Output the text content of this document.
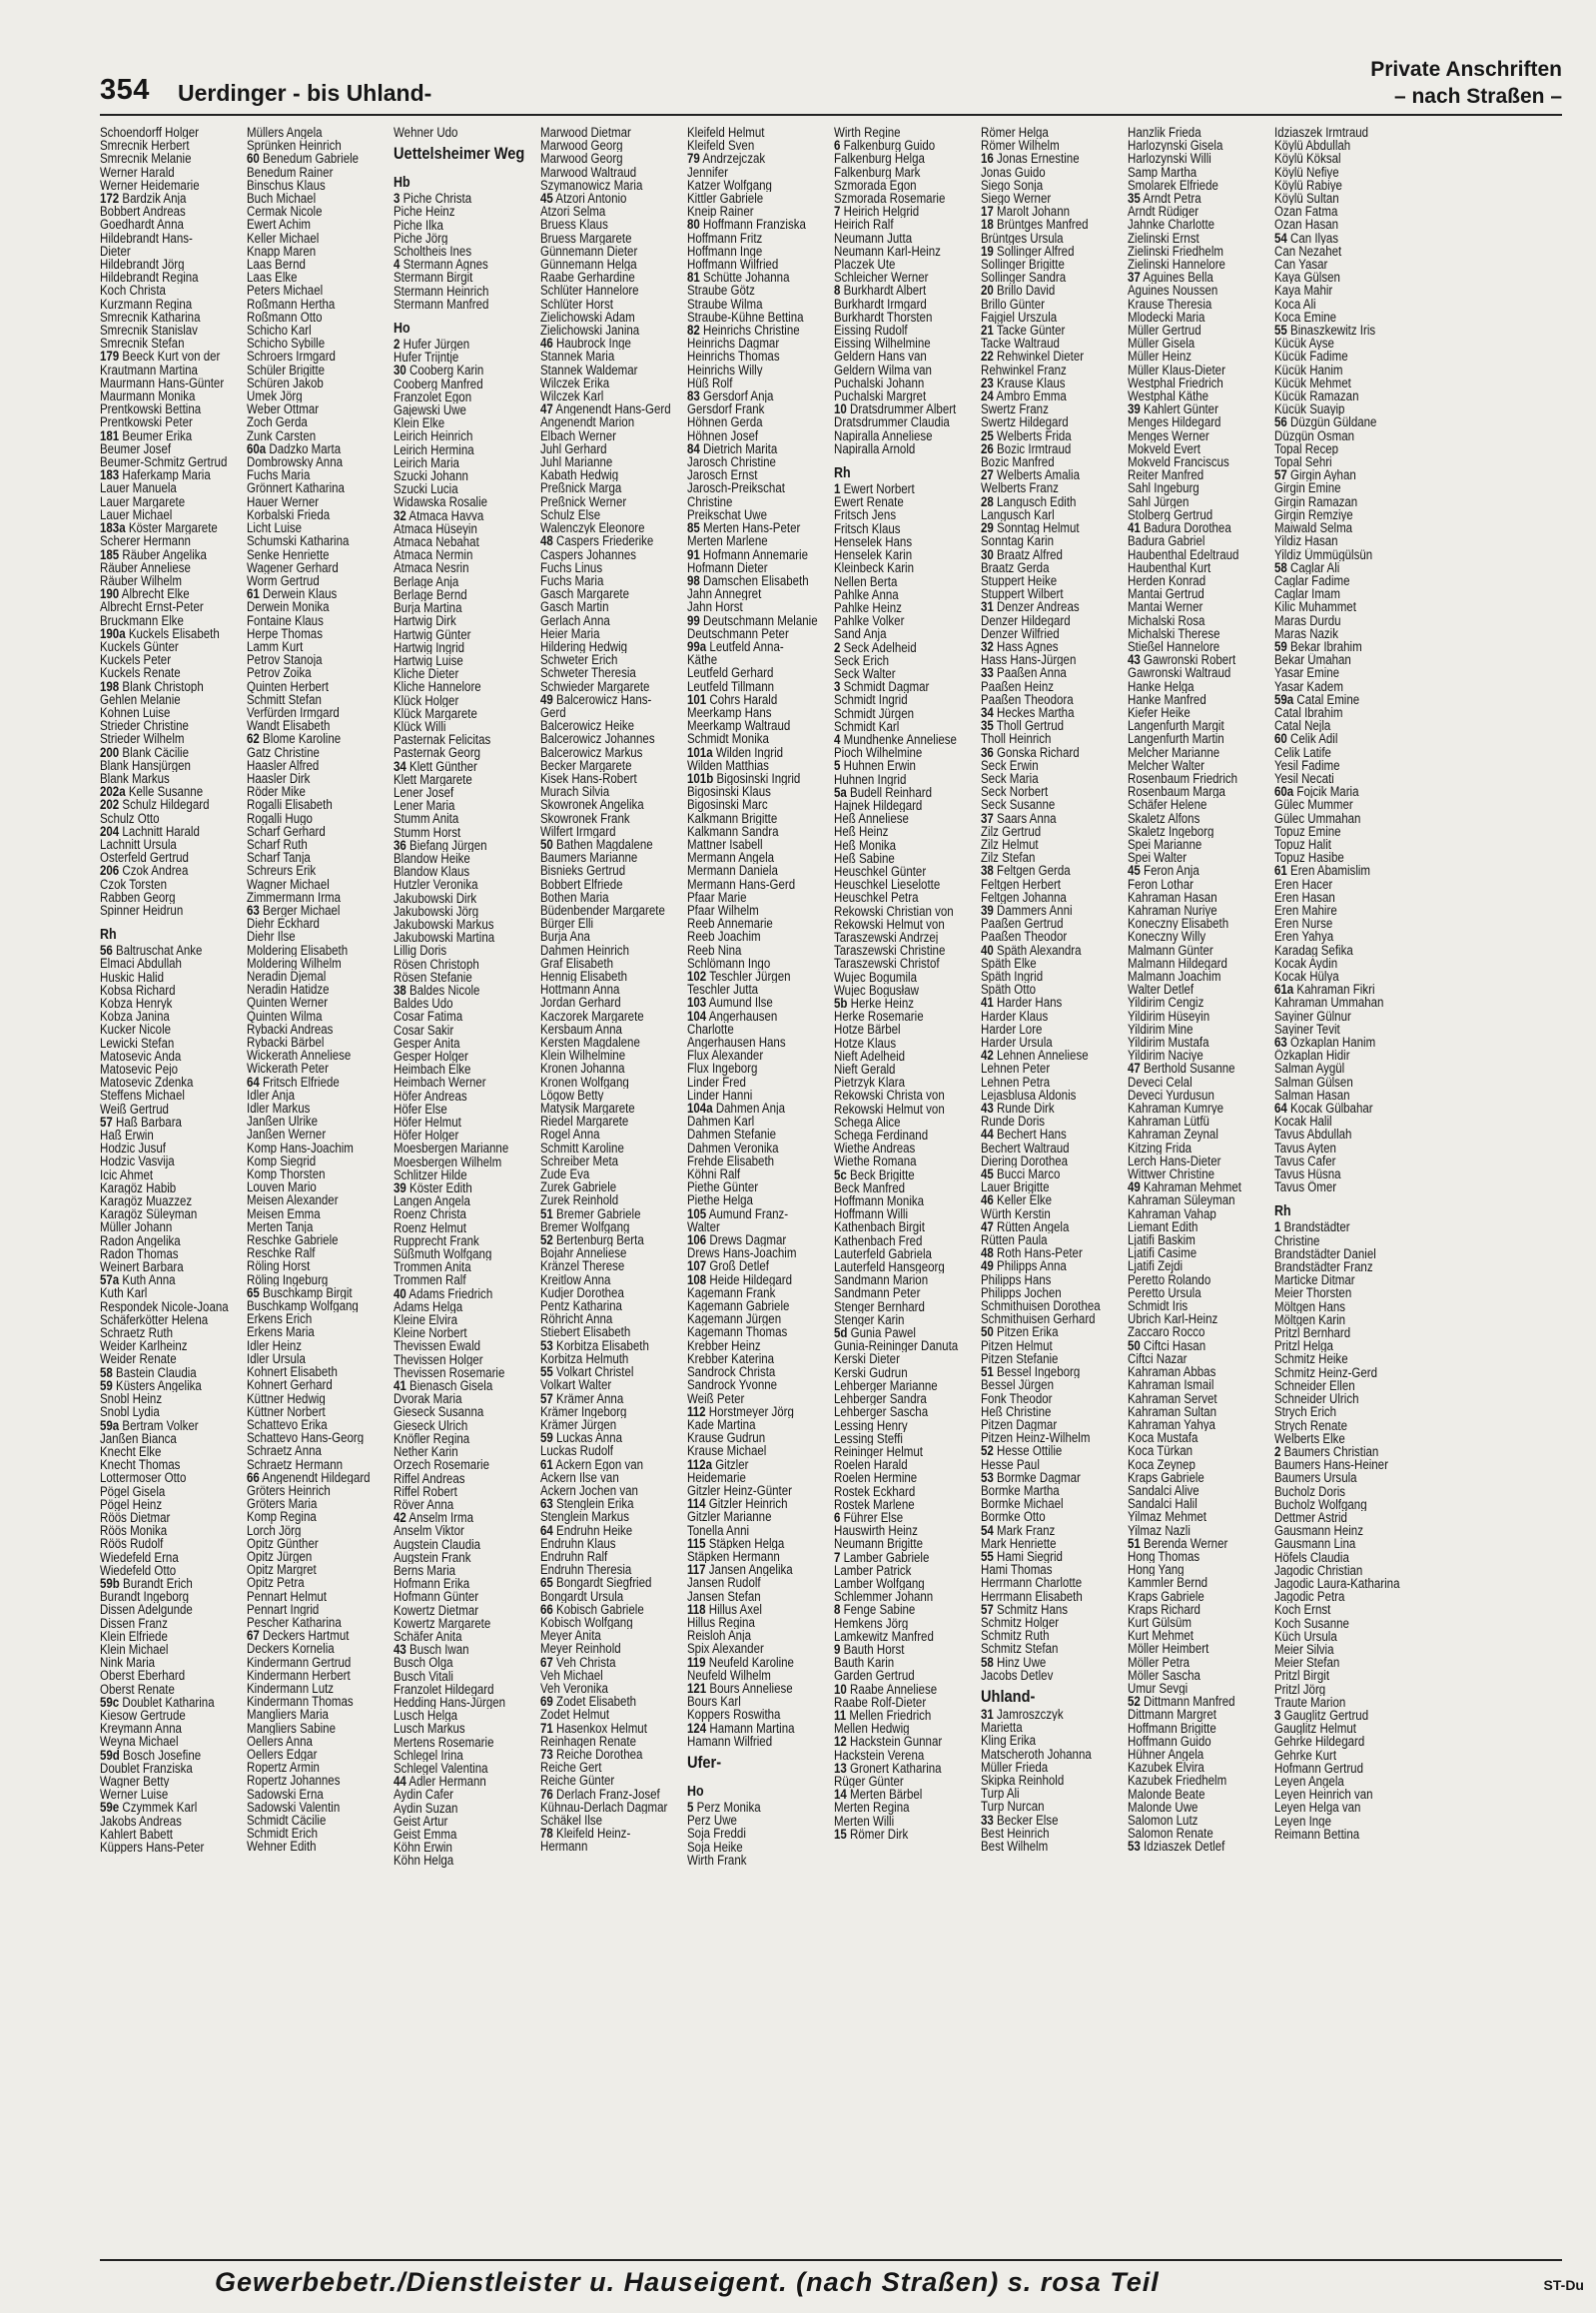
354 Uerdinger - bis Uhland-
Private Anschriften
– nach Straßen –
Schoendorff Holger
Smrecnik Herbert
Smrecnik Melanie
Werner Harald
Werner Heidemarie
172 Bardzik Anja
Bobbert Andreas
Goedhardt Anna
Hildebrandt Hans-
Dieter
Hildebrandt Jörg
Hildebrandt Regina
Koch Christa
Kurzmann Regina
Smrecnik Katharina
Smrecnik Stanislav
Smrecnik Stefan
179 Beeck Kurt von der
Krautmann Martina
Maurmann Hans-Günter
Maurmann Monika
Prentkowski Bettina
Prentkowski Peter
181 Beumer Erika
Beumer Josef
Beumer-Schmitz Gertrud
183 Haferkamp Maria
Lauer Manuela
Lauer Margarete
Lauer Michael
183a Köster Margarete
Scherer Hermann
185 Räuber Angelika
Räuber Anneliese
Räuber Wilhelm
190 Albrecht Elke
Albrecht Ernst-Peter
Bruckmann Elke
190a Kuckels Elisabeth
Kuckels Günter
Kuckels Peter
Kuckels Renate
198 Blank Christoph
Gehlen Melanie
Kohnen Luise
Strieder Christine
Strieder Wilhelm
200 Blank Cäcilie
Blank Hansjürgen
Blank Markus
202a Kelle Susanne
202 Schulz Hildegard
Schulz Otto
204 Lachnitt Harald
Lachnitt Ursula
Osterfeld Gertrud
206 Czok Andrea
Czok Torsten
Rabben Georg
Spinner Heidrun
Rh
56 Baltruschat Anke
Elmaci Abdullah
Huskic Halid
Kobsa Richard
Kobza Henryk
Kobza Janina
Kucker Nicole
Lewicki Stefan
Matosevic Anda
Matosevic Pejo
Matosevic Zdenka
Steffens Michael
Weiß Gertrud
57 Haß Barbara
Haß Erwin
Hodzic Jusuf
Hodzic Vasvija
Icic Ahmet
Karagöz Habib
Karagöz Muazzez
Karagöz Süleyman
Müller Johann
Radon Angelika
Radon Thomas
Weinert Barbara
57a Kuth Anna
Kuth Karl
Respondek Nicole-Joana
Schäferkötter Helena
Schraetz Ruth
Weider Karlheinz
Weider Renate
58 Bastein Claudia
59 Küsters Angelika
Snobl Heinz
Snobl Lydia
59a Bertram Volker
Janßen Bianca
Knecht Elke
Knecht Thomas
Lottermoser Otto
Pögel Gisela
Pögel Heinz
Röös Dietmar
Röös Monika
Röös Rudolf
Wiedefeld Erna
Wiedefeld Otto
59b Burandt Erich
Burandt Ingeborg
Dissen Adelgunde
Dissen Franz
Klein Elfriede
Klein Michael
Nink Maria
Oberst Eberhard
Oberst Renate
59c Doublet Katharina
Kiesow Gertrude
Kreymann Anna
Weyna Michael
59d Bosch Josefine
Doublet Franziska
Wagner Betty
Werner Luise
59e Czymmek Karl
Jakobs Andreas
Kahlert Babett
Küppers Hans-Peter
Müllers Angela
Sprünken Heinrich
60 Benedum Gabriele
Benedum Rainer
Binschus Klaus
Buch Michael
Cermak Nicole
Ewert Achim
Keller Michael
Knapp Maren
Laas Bernd
Laas Elke
Peters Michael
Roßmann Hertha
Roßmann Otto
Schicho Karl
Schicho Sybille
Schroers Irmgard
Schüler Brigitte
Schüren Jakob
Umek Jörg
Weber Ottmar
Zoch Gerda
Zunk Carsten
60a Dadzko Marta
Dombrowsky Anna
Fuchs Maria
Grönnert Katharina
Hauer Werner
Korbalski Frieda
Licht Luise
Schumski Katharina
Senke Henriette
Wagener Gerhard
Worm Gertrud
61 Derwein Klaus
Derwein Monika
Fontaine Klaus
Herpe Thomas
Lamm Kurt
Petrov Stanoja
Petrov Zoika
Quinten Herbert
Schmitt Stefan
Verfürden Irmgard
Wandt Elisabeth
62 Blome Karoline
Gatz Christine
Haasler Alfred
Haasler Dirk
Röder Mike
Rogalli Elisabeth
Rogalli Hugo
Scharf Gerhard
Scharf Ruth
Scharf Tanja
Schreurs Erik
Wagner Michael
Zimmermann Irma
63 Berger Michael
Diehr Eckhard
Diehr Ilse
Moldering Elisabeth
Moldering Wilhelm
Neradin Djemal
Neradin Hatidze
Quinten Werner
Quinten Wilma
Rybacki Andreas
Rybacki Bärbel
Wickerath Anneliese
Wickerath Peter
64 Fritsch Elfriede
Idler Anja
Idler Markus
Janßen Ulrike
Janßen Werner
Komp Hans-Joachim
Komp Siegrid
Komp Thorsten
Louven Mario
Meisen Alexander
Meisen Emma
Merten Tanja
Reschke Gabriele
Reschke Ralf
Röling Horst
Röling Ingeburg
65 Buschkamp Birgit
Buschkamp Wolfgang
Erkens Erich
Erkens Maria
Idler Heinz
Idler Ursula
Kohnert Elisabeth
Kohnert Gerhard
Küttner Hedwig
Küttner Norbert
Schattevo Erika
Schattevo Hans-Georg
Schraetz Anna
Schraetz Hermann
66 Angenendt Hildegard
Gröters Heinrich
Gröters Maria
Komp Regina
Lorch Jörg
Opitz Günther
Opitz Jürgen
Opitz Margret
Opitz Petra
Pennart Helmut
Pennart Ingrid
Pescher Katharina
67 Deckers Hartmut
Deckers Kornelia
Kindermann Gertrud
Kindermann Herbert
Kindermann Lutz
Kindermann Thomas
Mangliers Maria
Mangliers Sabine
Oellers Anna
Oellers Edgar
Ropertz Armin
Ropertz Johannes
Sadowski Erna
Sadowski Valentin
Schmidt Cäcilie
Schmidt Erich
Wehner Edith
Wehner Udo
Uettelsheimer Weg
Hb
3 Piche Christa
Piche Heinz
Piche Ilka
Piche Jörg
Scholtheis Ines
4 Stermann Agnes
Stermann Birgit
Stermann Heinrich
Stermann Manfred
Ho
2 Hufer Jürgen
Hufer Trijntje
30 Cooberg Karin
Cooberg Manfred
Franzolet Egon
Gajewski Uwe
Klein Elke
Leirich Heinrich
Leirich Hermina
Leirich Maria
Szucki Johann
Szucki Lucia
Widawska Rosalie
32 Atmaca Havva
Atmaca Hüseyin
Atmaca Nebahat
Atmaca Nermin
Atmaca Nesrin
Berlage Anja
Berlage Bernd
Burja Martina
Hartwig Dirk
Hartwig Günter
Hartwig Ingrid
Hartwig Luise
Kliche Dieter
Kliche Hannelore
Klück Holger
Klück Margarete
Klück Willi
Pasternak Felicitas
Pasternak Georg
34 Klett Günther
Klett Margarete
Lener Josef
Lener Maria
Stumm Anita
Stumm Horst
36 Biefang Jürgen
Blandow Heike
Blandow Klaus
Hutzler Veronika
Jakubowski Dirk
Jakubowski Jörg
Jakubowski Markus
Jakubowski Martina
Lillig Doris
Rösen Christoph
Rösen Stefanie
38 Baldes Nicole
Baldes Udo
Cosar Fatima
Cosar Sakir
Gesper Anita
Gesper Holger
Heimbach Elke
Heimbach Werner
Höfer Andreas
Höfer Else
Höfer Helmut
Höfer Holger
Moesbergen Marianne
Moesbergen Wilhelm
Schlitzer Hilde
39 Köster Edith
Langen Angela
Roenz Christa
Roenz Helmut
Rupprecht Frank
Süßmuth Wolfgang
Trommen Anita
Trommen Ralf
40 Adams Friedrich
Adams Helga
Kleine Elvira
Kleine Norbert
Thevissen Ewald
Thevissen Holger
Thevissen Rosemarie
41 Bienasch Gisela
Dvorak Maria
Gieseck Susanna
Gieseck Ulrich
Knöfler Regina
Nether Karin
Orzech Rosemarie
Riffel Andreas
Riffel Robert
Röver Anna
42 Anselm Irma
Anselm Viktor
Augstein Claudia
Augstein Frank
Berns Maria
Hofmann Erika
Hofmann Günter
Kowertz Dietmar
Kowertz Margarete
Schäfer Anita
43 Busch Iwan
Busch Olga
Busch Vitali
Franzolet Hildegard
Hedding Hans-Jürgen
Lusch Helga
Lusch Markus
Mertens Rosemarie
Schlegel Irina
Schlegel Valentina
44 Adler Hermann
Aydin Cafer
Aydin Suzan
Geist Artur
Geist Emma
Köhn Erwin
Köhn Helga
Marwood Dietmar
Marwood Georg
Marwood Georg
Marwood Waltraud
Szymanowicz Maria
45 Atzori Antonio
Atzori Selma
Bruess Klaus
Bruess Margarete
Günnemann Dieter
Günnemann Helga
Raabe Gerhardine
Schlüter Hannelore
Schlüter Horst
Zielichowski Adam
Zielichowski Janina
46 Haubrock Inge
Stannek Maria
Stannek Waldemar
Wilczek Erika
Wilczek Karl
47 Angenendt Hans-Gerd
Angenendt Marion
Elbach Werner
Juhl Gerhard
Juhl Marianne
Kabath Hedwig
Preßnick Marga
Preßnick Werner
Schulz Else
Walenczyk Eleonore
48 Caspers Friederike
Caspers Johannes
Fuchs Linus
Fuchs Maria
Gasch Margarete
Gasch Martin
Gerlach Anna
Heier Maria
Hildering Hedwig
Schweter Erich
Schweter Theresia
Schwieder Margarete
49 Balcerowicz Hans-
Gerd
Balcerowicz Heike
Balcerowicz Johannes
Balcerowicz Markus
Becker Margarete
Kisek Hans-Robert
Murach Silvia
Skowronek Angelika
Skowronek Frank
Wilfert Irmgard
50 Bathen Magdalene
Baumers Marianne
Bisnieks Gertrud
Bobbert Elfriede
Bothen Maria
Büdenbender Margarete
Bürger Elli
Burja Ana
Dahmen Heinrich
Graf Elisabeth
Hennig Elisabeth
Hottmann Anna
Jordan Gerhard
Kaczorek Margarete
Kersbaum Anna
Kersten Magdalene
Klein Wilhelmine
Kronen Johanna
Kronen Wolfgang
Lögow Betty
Matysik Margarete
Riedel Margarete
Rogel Anna
Schmitt Karoline
Schreiber Meta
Zude Eva
Zurek Gabriele
Zurek Reinhold
51 Bremer Gabriele
Bremer Wolfgang
52 Bertenburg Berta
Bojahr Anneliese
Kränzel Therese
Kreitlow Anna
Kudjer Dorothea
Pentz Katharina
Röhricht Anna
Stiebert Elisabeth
53 Korbitza Elisabeth
Korbitza Helmuth
55 Volkart Christel
Volkart Walter
57 Krämer Anna
Krämer Ingeborg
Krämer Jürgen
59 Luckas Anna
Luckas Rudolf
61 Ackern Egon van
Ackern Ilse van
Ackern Jochen van
63 Stenglein Erika
Stenglein Markus
64 Endruhn Heike
Endruhn Klaus
Endruhn Ralf
Endruhn Theresia
65 Bongardt Siegfried
Bongardt Ursula
66 Kobisch Gabriele
Kobisch Wolfgang
Meyer Anita
Meyer Reinhold
67 Veh Christa
Veh Michael
Veh Veronika
69 Zodet Elisabeth
Zodet Helmut
71 Hasenkox Helmut
Reinhagen Renate
73 Reiche Dorothea
Reiche Gert
Reiche Günter
76 Derlach Franz-Josef
Kühnau-Derlach Dagmar
Schäkel Ilse
78 Kleifeld Heinz-
Hermann
Kleifeld Helmut
Kleifeld Sven
79 Andrzejczak
Jennifer
Katzer Wolfgang
Kittler Gabriele
Kneip Rainer
80 Hoffmann Franziska
Hoffmann Fritz
Hoffmann Inge
Hoffmann Wilfried
81 Schütte Johanna
Straube Götz
Straube Wilma
Straube-Kühne Bettina
82 Heinrichs Christine
Heinrichs Dagmar
Heinrichs Thomas
Heinrichs Willy
Hüß Rolf
83 Gersdorf Anja
Gersdorf Frank
Höhnen Gerda
Höhnen Josef
84 Dietrich Marita
Jarosch Christine
Jarosch Ernst
Jarosch-Preikschat
Christine
Preikschat Uwe
85 Merten Hans-Peter
Merten Marlene
91 Hofmann Annemarie
Hofmann Dieter
98 Damschen Elisabeth
Jahn Annegret
Jahn Horst
99 Deutschmann Melanie
Deutschmann Peter
99a Leutfeld Anna-
Käthe
Leutfeld Gerhard
Leutfeld Tillmann
101 Cohrs Harald
Meerkamp Hans
Meerkamp Waltraud
Schmidt Monika
101a Wilden Ingrid
Wilden Matthias
101b Bigosinski Ingrid
Bigosinski Klaus
Bigosinski Marc
Kalkmann Brigitte
Kalkmann Sandra
Mattner Isabell
Mermann Angela
Mermann Daniela
Mermann Hans-Gerd
Pfaar Marie
Pfaar Wilhelm
Reeb Annemarie
Reeb Joachim
Reeb Nina
Schlömann Ingo
102 Teschler Jürgen
Teschler Jutta
103 Aumund Ilse
104 Angerhausen
Charlotte
Angerhausen Hans
Flux Alexander
Flux Ingeborg
Linder Fred
Linder Hanni
104a Dahmen Anja
Dahmen Karl
Dahmen Stefanie
Dahmen Veronika
Frehde Elisabeth
Köhni Ralf
Piethe Günter
Piethe Helga
105 Aumund Franz-
Walter
106 Drews Dagmar
Drews Hans-Joachim
107 Groß Detlef
108 Heide Hildegard
Kagemann Frank
Kagemann Gabriele
Kagemann Jürgen
Kagemann Thomas
Krebber Heinz
Krebber Katerina
Sandrock Christa
Sandrock Yvonne
Weiß Peter
112 Horstmeyer Jörg
Kade Martina
Krause Gudrun
Krause Michael
112a Gitzler
Heidemarie
Gitzler Heinz-Günter
114 Gitzler Heinrich
Gitzler Marianne
Tonella Anni
115 Stäpken Helga
Stäpken Hermann
117 Jansen Angelika
Jansen Rudolf
Jansen Stefan
118 Hillus Axel
Hillus Regina
Reisloh Anja
Spix Alexander
119 Neufeld Karoline
Neufeld Wilhelm
121 Bours Anneliese
Bours Karl
Koppers Roswitha
124 Hamann Martina
Hamann Wilfried
Ufer-
Ho
5 Perz Monika
Perz Uwe
Soja Freddi
Soja Heike
Wirth Frank
Wirth Regine
6 Falkenburg Guido
Falkenburg Helga
Falkenburg Mark
Szmorada Egon
Szmorada Rosemarie
7 Heirich Helgrid
Heirich Ralf
Neumann Jutta
Neumann Karl-Heinz
Placzek Ute
Schleicher Werner
8 Burkhardt Albert
Burkhardt Irmgard
Burkhardt Thorsten
Eissing Rudolf
Eissing Wilhelmine
Geldern Hans van
Geldern Wilma van
Puchalski Johann
Puchalski Margret
10 Dratsdrummer Albert
Dratsdrummer Claudia
Napiralla Anneliese
Napiralla Arnold
Rh
1 Ewert Norbert
Ewert Renate
Fritsch Jens
Fritsch Klaus
Henselek Hans
Henselek Karin
Kleinbeck Karin
Nellen Berta
Pahlke Anna
Pahlke Heinz
Pahlke Volker
Sand Anja
2 Seck Adelheid
Seck Erich
Seck Walter
3 Schmidt Dagmar
Schmidt Ingrid
Schmidt Jürgen
Schmidt Karl
4 Mundhenke Anneliese
Pioch Wilhelmine
5 Huhnen Erwin
Huhnen Ingrid
5a Budell Reinhard
Hajnek Hildegard
Heß Anneliese
Heß Heinz
Heß Monika
Heß Sabine
Heuschkel Günter
Heuschkel Lieselotte
Heuschkel Petra
Rekowski Christian von
Rekowski Helmut von
Taraszewski Andrzej
Taraszewski Christine
Taraszewski Christof
Wujec Bogumila
Wujec Bogusław
5b Herke Heinz
Herke Rosemarie
Hotze Bärbel
Hotze Klaus
Nieft Adelheid
Nieft Gerald
Pietrzyk Klara
Rekowski Christa von
Rekowski Helmut von
Schega Alice
Schega Ferdinand
Wiethe Andreas
Wiethe Romana
5c Beck Brigitte
Beck Manfred
Hoffmann Monika
Hoffmann Willi
Kathenbach Birgit
Kathenbach Fred
Lauterfeld Gabriela
Lauterfeld Hansgeorg
Sandmann Marion
Sandmann Peter
Stenger Bernhard
Stenger Karin
5d Gunia Pawel
Gunia-Reininger Danuta
Kerski Dieter
Kerski Gudrun
Lehberger Marianne
Lehberger Sandra
Lehberger Sascha
Lessing Henry
Lessing Steffi
Reininger Helmut
Roelen Harald
Roelen Hermine
Rostek Eckhard
Rostek Marlene
6 Führer Else
Hauswirth Heinz
Neumann Brigitte
7 Lamber Gabriele
Lamber Patrick
Lamber Wolfgang
Schlemmer Johann
8 Fenge Sabine
Hemkens Jörg
Lamkewitz Manfred
9 Bauth Horst
Bauth Karin
Garden Gertrud
10 Raabe Anneliese
Raabe Rolf-Dieter
11 Mellen Friedrich
Mellen Hedwig
12 Hackstein Gunnar
Hackstein Verena
13 Gronert Katharina
Rüger Günter
14 Merten Bärbel
Merten Regina
Merten Willi
15 Römer Dirk
Römer Helga
Römer Wilhelm
16 Jonas Ernestine
Jonas Guido
Siego Sonja
Siego Werner
17 Marolt Johann
18 Brüntges Manfred
Brüntges Ursula
19 Sollinger Alfred
Sollinger Brigitte
Sollinger Sandra
20 Brillo David
Brillo Günter
Fajgiel Urszula
21 Tacke Günter
Tacke Waltraud
22 Rehwinkel Dieter
Rehwinkel Franz
23 Krause Klaus
24 Ambro Emma
Swertz Franz
Swertz Hildegard
25 Welberts Frida
26 Bozic Irmtraud
Bozic Manfred
27 Welberts Amalia
Welberts Franz
28 Langusch Edith
Langusch Karl
29 Sonntag Helmut
Sonntag Karin
30 Braatz Alfred
Braatz Gerda
Stuppert Heike
Stuppert Wilbert
31 Denzer Andreas
Denzer Hildegard
Denzer Wilfried
32 Hass Agnes
Hass Hans-Jürgen
33 Paaßen Anna
Paaßen Heinz
Paaßen Theodora
34 Heckes Martha
35 Tholl Gertrud
Tholl Heinrich
36 Gonska Richard
Seck Erwin
Seck Maria
Seck Norbert
Seck Susanne
37 Saars Anna
Zilz Gertrud
Zilz Helmut
Zilz Stefan
38 Feltgen Gerda
Feltgen Herbert
Feltgen Johanna
39 Dammers Anni
Paaßen Gertrud
Paaßen Theodor
40 Späth Alexandra
Späth Elke
Späth Ingrid
Späth Otto
41 Harder Hans
Harder Klaus
Harder Lore
Harder Ursula
42 Lehnen Anneliese
Lehnen Peter
Lehnen Petra
Lejasblusa Aldonis
43 Runde Dirk
Runde Doris
44 Bechert Hans
Bechert Waltraud
Diering Dorothea
45 Bucci Marco
Lauer Brigitte
46 Keller Elke
Würth Kerstin
47 Rütten Angela
Rütten Paula
48 Roth Hans-Peter
49 Philipps Anna
Philipps Hans
Philipps Jochen
Schmithuisen Dorothea
Schmithuisen Gerhard
50 Pitzen Erika
Pitzen Helmut
Pitzen Stefanie
51 Bessel Ingeborg
Bessel Jürgen
Fonk Theodor
Heß Christine
Pitzen Dagmar
Pitzen Heinz-Wilhelm
52 Hesse Ottilie
Hesse Paul
53 Bormke Dagmar
Bormke Martha
Bormke Michael
Bormke Otto
54 Mark Franz
Mark Henriette
55 Hami Siegrid
Hami Thomas
Herrmann Charlotte
Herrmann Elisabeth
57 Schmitz Hans
Schmitz Holger
Schmitz Ruth
Schmitz Stefan
58 Hinz Uwe
Jacobs Detlev
Uhland-
31 Jamroszczyk
Marietta
Kling Erika
Matscheroth Johanna
Müller Frieda
Skipka Reinhold
Turp Ali
Turp Nurcan
33 Becker Else
Best Heinrich
Best Wilhelm
Hanzlik Frieda
Harlozynski Gisela
Harlozynski Willi
Samp Martha
Smolarek Elfriede
35 Arndt Petra
Arndt Rüdiger
Jahnke Charlotte
Zielinski Ernst
Zielinski Friedhelm
Zielinski Hannelore
37 Aguines Bella
Aguines Noussen
Krause Theresia
Mlodecki Maria
Müller Gertrud
Müller Gisela
Müller Heinz
Müller Klaus-Dieter
Westphal Friedrich
Westphal Käthe
39 Kahlert Günter
Menges Hildegard
Menges Werner
Mokveld Evert
Mokveld Franciscus
Reiter Manfred
Sahl Ingeburg
Sahl Jürgen
Stolberg Gertrud
41 Badura Dorothea
Badura Gabriel
Haubenthal Edeltraud
Haubenthal Kurt
Herden Konrad
Mantai Gertrud
Mantai Werner
Michalski Rosa
Michalski Therese
Stießel Hannelore
43 Gawronski Robert
Gawronski Waltraud
Hanke Helga
Hanke Manfred
Kiefer Heike
Langenfurth Margit
Langenfurth Martin
Melcher Marianne
Melcher Walter
Rosenbaum Friedrich
Rosenbaum Marga
Schäfer Helene
Skaletz Alfons
Skaletz Ingeborg
Spei Marianne
Spei Walter
45 Feron Anja
Feron Lothar
Kahraman Hasan
Kahraman Nuriye
Koneczny Elisabeth
Koneczny Willy
Malmann Günter
Malmann Hildegard
Malmann Joachim
Walter Detlef
Yildirim Cengiz
Yildirim Hüseyin
Yildirim Mine
Yildirim Mustafa
Yildirim Naciye
47 Berthold Susanne
Deveci Celal
Deveci Yurdusun
Kahraman Kumrye
Kahraman Lütfü
Kahraman Zeynal
Kitzing Frida
Lerch Hans-Dieter
Wittwer Christine
49 Kahraman Mehmet
Kahraman Süleyman
Kahraman Vahap
Liemant Edith
Ljatifi Baskim
Ljatifi Casime
Ljatifi Zejdi
Peretto Rolando
Peretto Ursula
Schmidt Iris
Ubrich Karl-Heinz
Zaccaro Rocco
50 Ciftci Hasan
Ciftci Nazar
Kahraman Abbas
Kahraman Ismail
Kahraman Servet
Kahraman Sultan
Kahraman Yahya
Koca Mustafa
Koca Türkan
Koca Zeynep
Kraps Gabriele
Sandalci Alive
Sandalci Halil
Yilmaz Mehmet
Yilmaz Nazli
51 Berenda Werner
Hong Thomas
Hong Yang
Kammler Bernd
Kraps Gabriele
Kraps Richard
Kurt Gülsüm
Kurt Mehmet
Möller Heimbert
Möller Petra
Möller Sascha
Umur Sevgi
52 Dittmann Manfred
Dittmann Margret
Hoffmann Brigitte
Hoffmann Guido
Hühner Angela
Kazubek Elvira
Kazubek Friedhelm
Malonde Beate
Malonde Uwe
Salomon Lutz
Salomon Renate
53 Idziaszek Detlef
Idziaszek Irmtraud
Köylü Abdullah
Köylü Köksal
Köylü Nefiye
Köylü Rabiye
Köylü Sultan
Ozan Fatma
Ozan Hasan
54 Can Ilyas
Can Nezahet
Can Yasar
Kaya Gülsen
Kaya Mahir
Koca Ali
Koca Emine
55 Binaszkewitz Iris
Kücük Ayse
Kücük Fadime
Kücük Hanim
Kücük Mehmet
Kücük Ramazan
Kücük Suayip
56 Düzgün Güldane
Düzgün Osman
Topal Recep
Topal Sehri
57 Girgin Ayhan
Girgin Emine
Girgin Ramazan
Girgin Remziye
Maiwald Selma
Yildiz Hasan
Yildiz Ümmügülsün
58 Caglar Ali
Caglar Fadime
Caglar Imam
Kilic Muhammet
Maras Durdu
Maras Nazik
59 Bekar Ibrahim
Bekar Ümahan
Yasar Emine
Yasar Kadem
59a Catal Emine
Catal Ibrahim
Catal Nejla
60 Celik Adil
Celik Latife
Yesil Fadime
Yesil Necati
60a Fojcik Maria
Gülec Mummer
Gülec Ummahan
Topuz Emine
Topuz Halit
Topuz Hasibe
61 Eren Abamislim
Eren Hacer
Eren Hasan
Eren Mahire
Eren Nurse
Eren Yahya
Karadag Sefika
Kocak Aydin
Kocak Hülya
61a Kahraman Fikri
Kahraman Ummahan
Sayiner Gülnur
Sayiner Tevit
63 Özkaplan Hanim
Özkaplan Hidir
Salman Aygül
Salman Gülsen
Salman Hasan
64 Kocak Gülbahar
Kocak Halil
Tavus Abdullah
Tavus Ayten
Tavus Cafer
Tavus Hüsna
Tavus Ömer
Rh
1 Brandstädter
Christine
Brandstädter Daniel
Brandstädter Franz
Marticke Ditmar
Meier Thorsten
Möltgen Hans
Möltgen Karin
Pritzl Bernhard
Pritzl Helga
Schmitz Heike
Schmitz Heinz-Gerd
Schneider Ellen
Schneider Ulrich
Strych Erich
Strych Renate
Welberts Elke
2 Baumers Christian
Baumers Hans-Heiner
Baumers Ursula
Bucholz Doris
Bucholz Wolfgang
Dettmer Astrid
Gausmann Heinz
Gausmann Lina
Höfels Claudia
Jagodic Christian
Jagodic Laura-Katharina
Jagodic Petra
Koch Ernst
Koch Susanne
Küch Ursula
Meier Silvia
Meier Stefan
Pritzl Birgit
Pritzl Jörg
Traute Marion
3 Gauglitz Gertrud
Gauglitz Helmut
Gehrke Hildegard
Gehrke Kurt
Hofmann Gertrud
Leyen Angela
Leyen Heinrich van
Leyen Helga van
Leyen Inge
Reimann Bettina
Gewerbebetr./Dienstleister u. Hauseigent. (nach Straßen) s. rosa Teil	ST-Du
